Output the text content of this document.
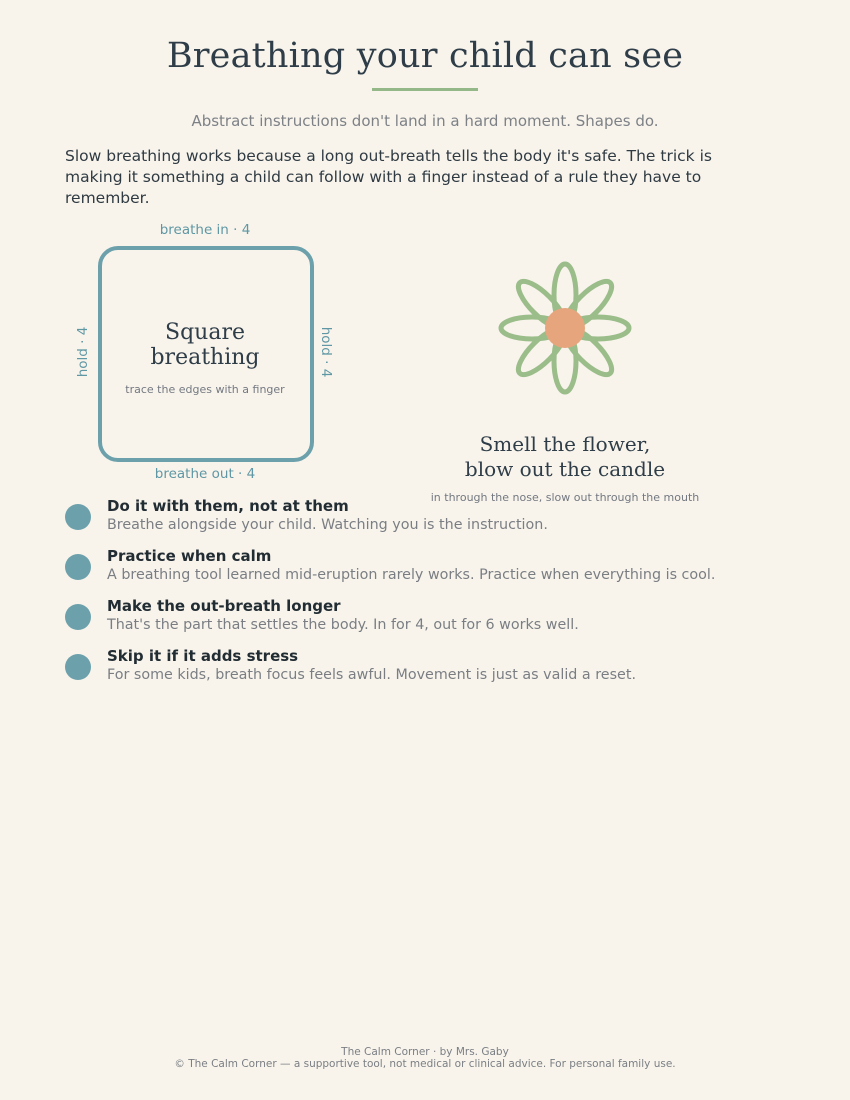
Breathing your child can see
Abstract instructions don't land in a hard moment. Shapes do.
Slow breathing works because a long out-breath tells the body it's safe. The trick is making it something a child can follow with a finger instead of a rule they have to remember.
breathe in · 4
hold · 4	hold · 4
Square
breathing
trace the edges with a finger
breathe out · 4
Smell the flower,
blow out the candle
in through the nose, slow out through the mouth
Do it with them, not at them
Breathe alongside your child. Watching you is the instruction.
Practice when calm
A breathing tool learned mid-eruption rarely works. Practice when everything is cool.
Make the out-breath longer
That's the part that settles the body. In for 4, out for 6 works well.
Skip it if it adds stress
For some kids, breath focus feels awful. Movement is just as valid a reset.
The Calm Corner · by Mrs. Gaby
© The Calm Corner — a supportive tool, not medical or clinical advice. For personal family use.
